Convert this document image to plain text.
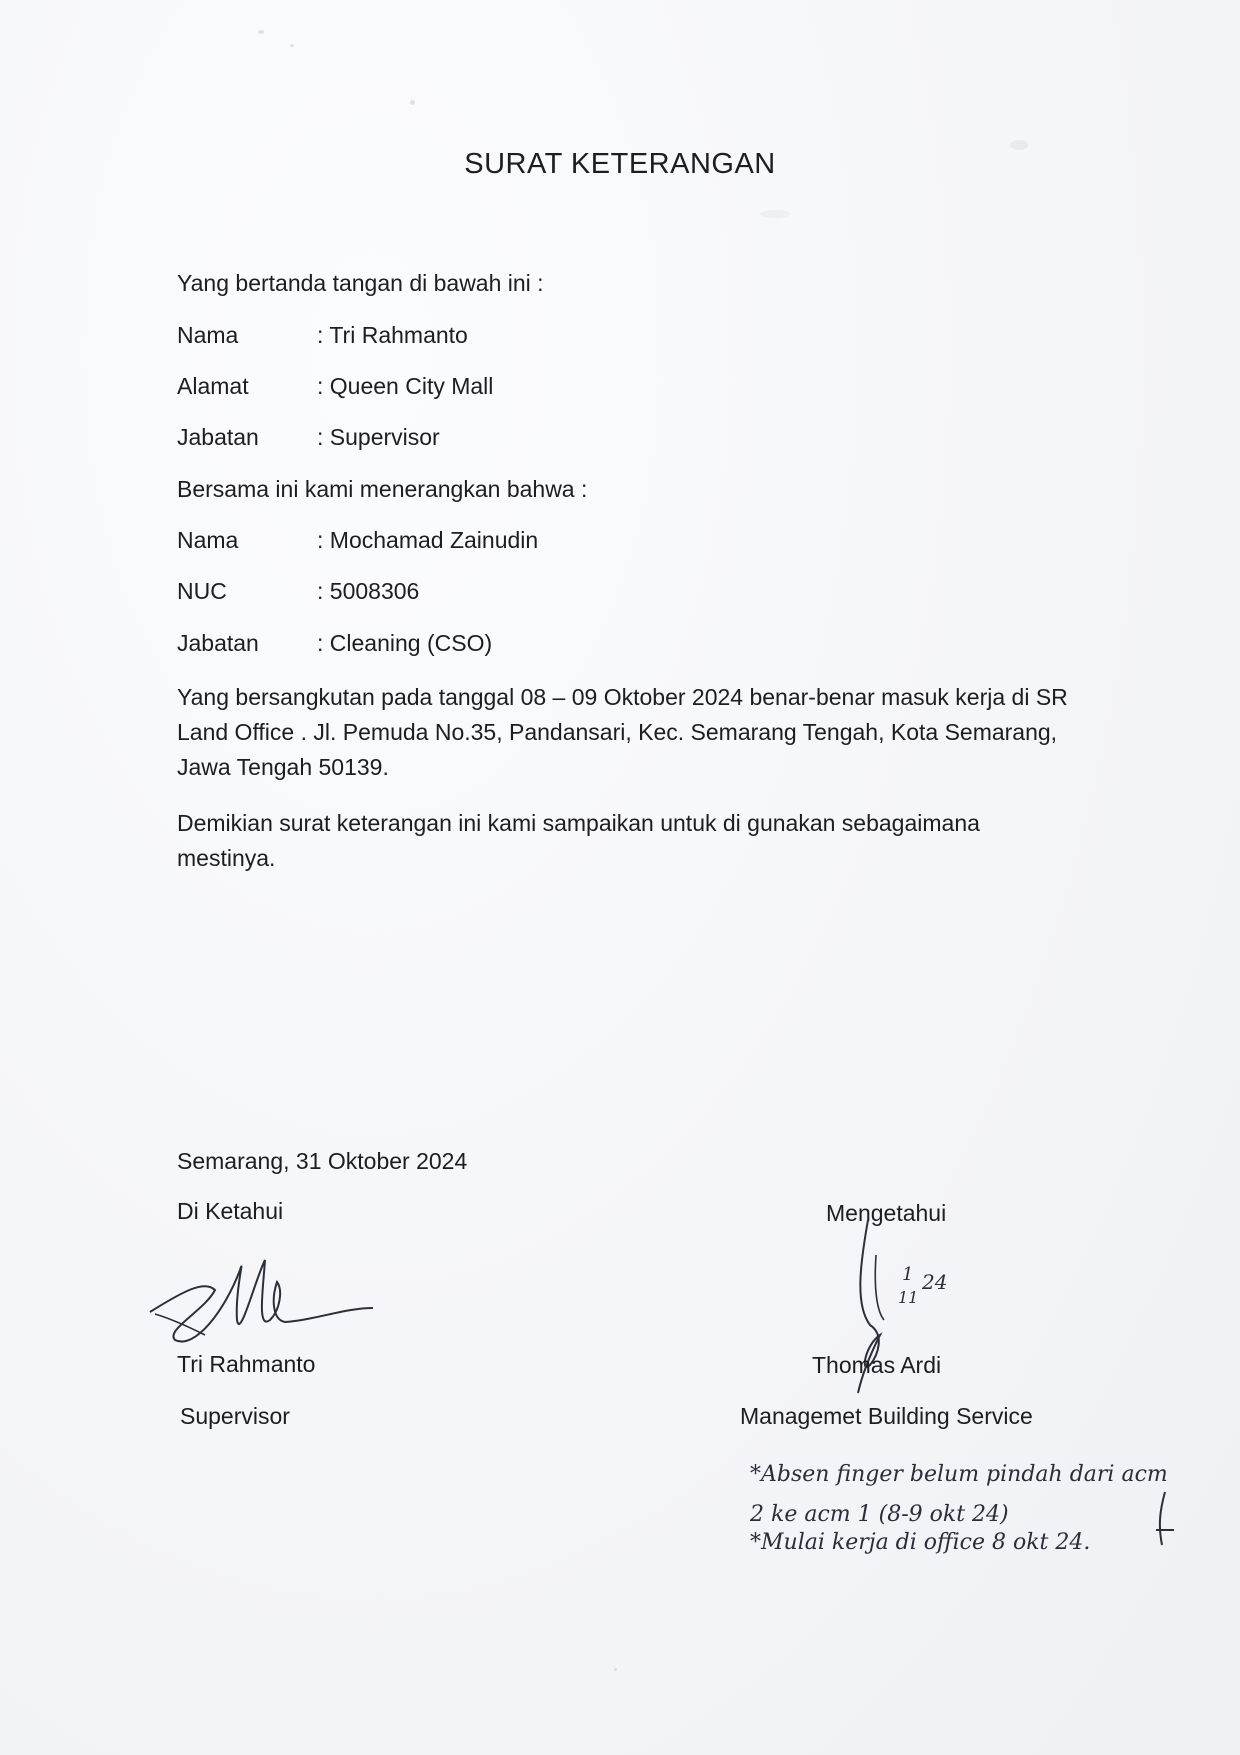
SURAT KETERANGAN
Yang bertanda tangan di bawah ini :
Nama	: Tri Rahmanto
Alamat	: Queen City Mall
Jabatan	: Supervisor
Bersama ini kami menerangkan bahwa :
Nama	: Mochamad Zainudin
NUC	: 5008306
Jabatan	: Cleaning (CSO)
Yang bersangkutan pada tanggal 08 – 09 Oktober 2024 benar-benar masuk kerja di SR Land Office . Jl. Pemuda No.35, Pandansari, Kec. Semarang Tengah, Kota Semarang, Jawa Tengah 50139.
Demikian surat keterangan ini kami sampaikan untuk di gunakan sebagaimana mestinya.
Semarang, 31 Oktober 2024
Di Ketahui
Tri Rahmanto
Supervisor
Mengetahui
1
11
24
Thomas Ardi
Managemet Building Service
*Absen finger belum pindah dari acm 2 ke acm 1 (8-9 okt 24)
*Mulai kerja di office 8 okt 24.
